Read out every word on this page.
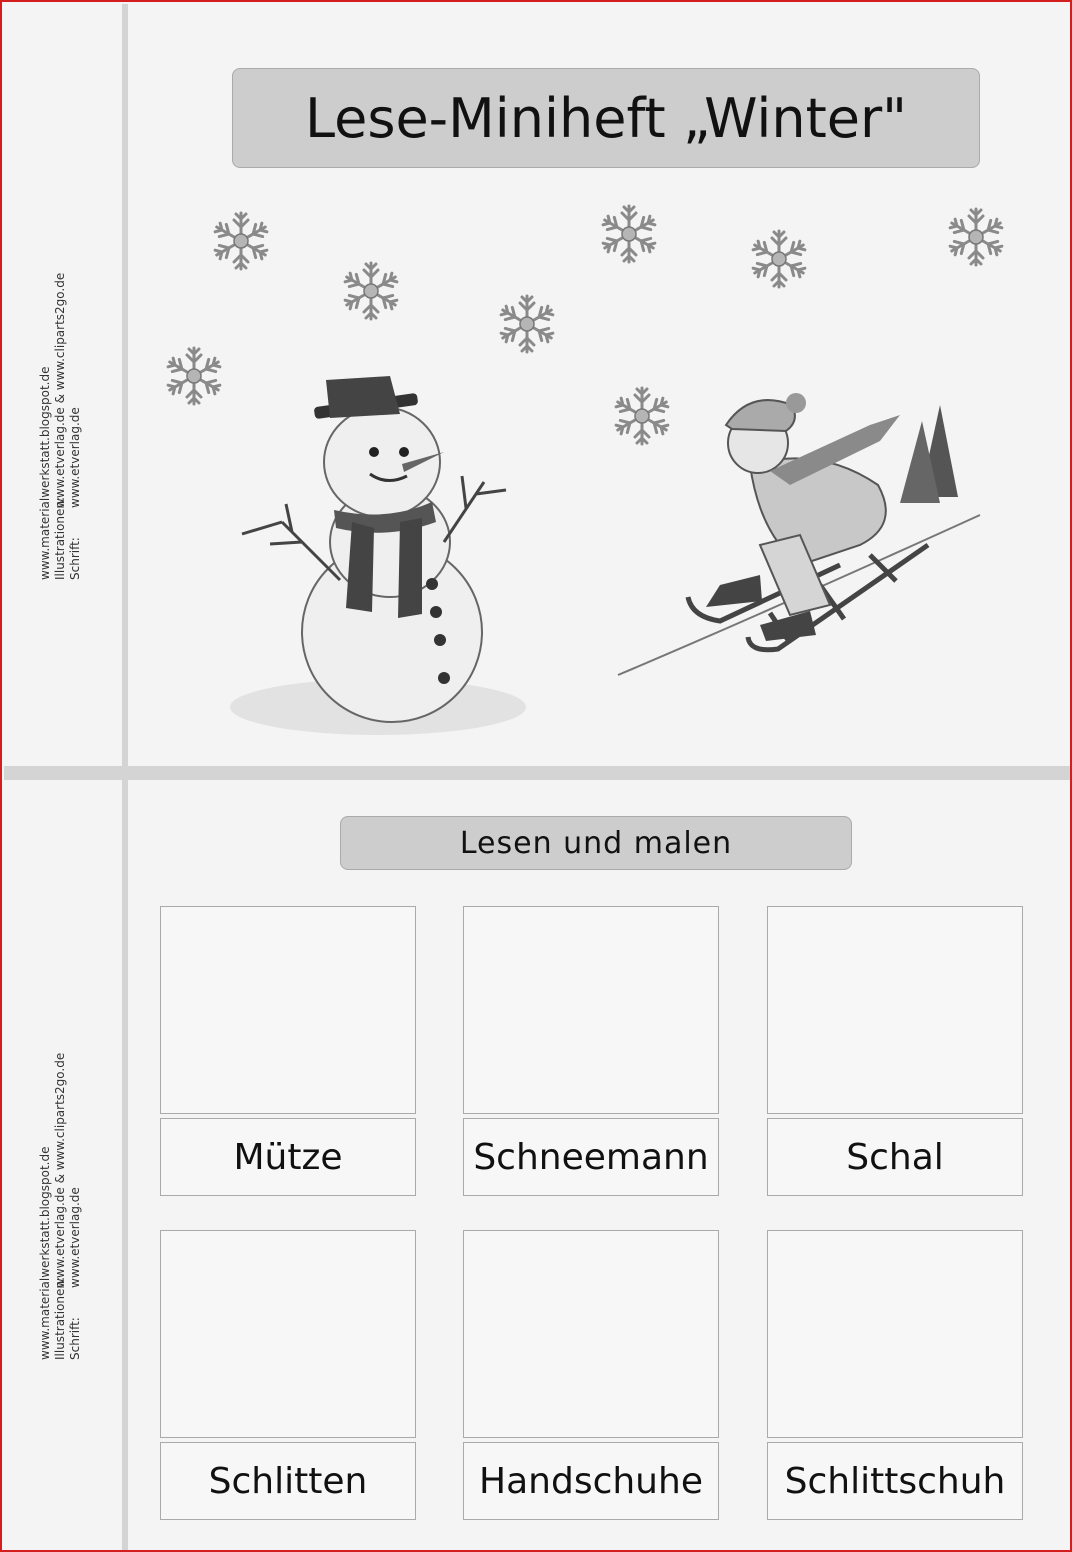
www.materialwerkstatt.blogspot.de Illustrationen:www.etverlag.de & www.cliparts2go.de
Schrift:www.etverlag.de
www.materialwerkstatt.blogspot.de Illustrationen:www.etverlag.de & www.cliparts2go.de
Schrift:www.etverlag.de
Lese-Miniheft „Winter"
Lesen und malen
Mütze	Schneemann	Schal
Schlitten	Handschuhe	Schlittschuh
